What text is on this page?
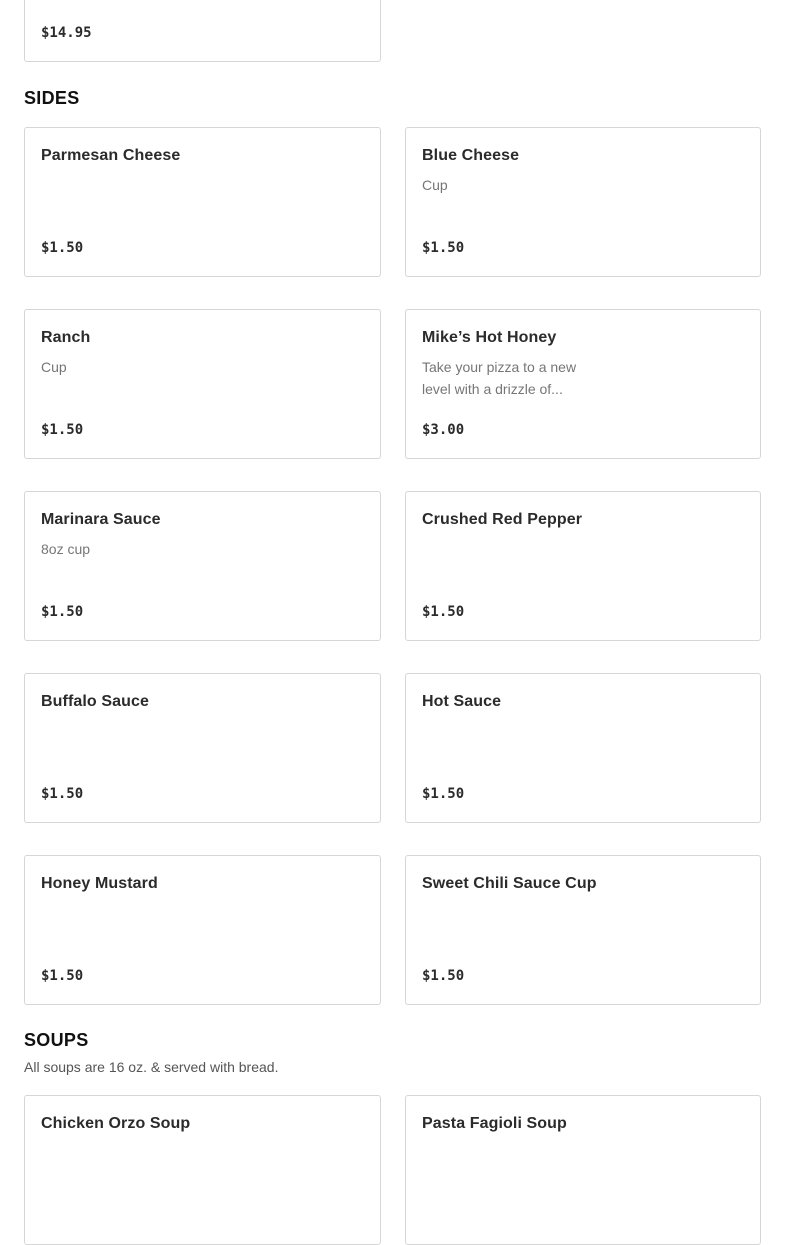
$14.95
SIDES
Parmesan Cheese
$1.50
Blue Cheese
Cup
$1.50
Ranch
Cup
$1.50
Mike’s Hot Honey
Take your pizza to a new level with a drizzle of...
$3.00
Marinara Sauce
8oz cup
$1.50
Crushed Red Pepper
$1.50
Buffalo Sauce
$1.50
Hot Sauce
$1.50
Honey Mustard
$1.50
Sweet Chili Sauce Cup
$1.50
SOUPS
All soups are 16 oz. & served with bread.
Chicken Orzo Soup	Pasta Fagioli Soup
